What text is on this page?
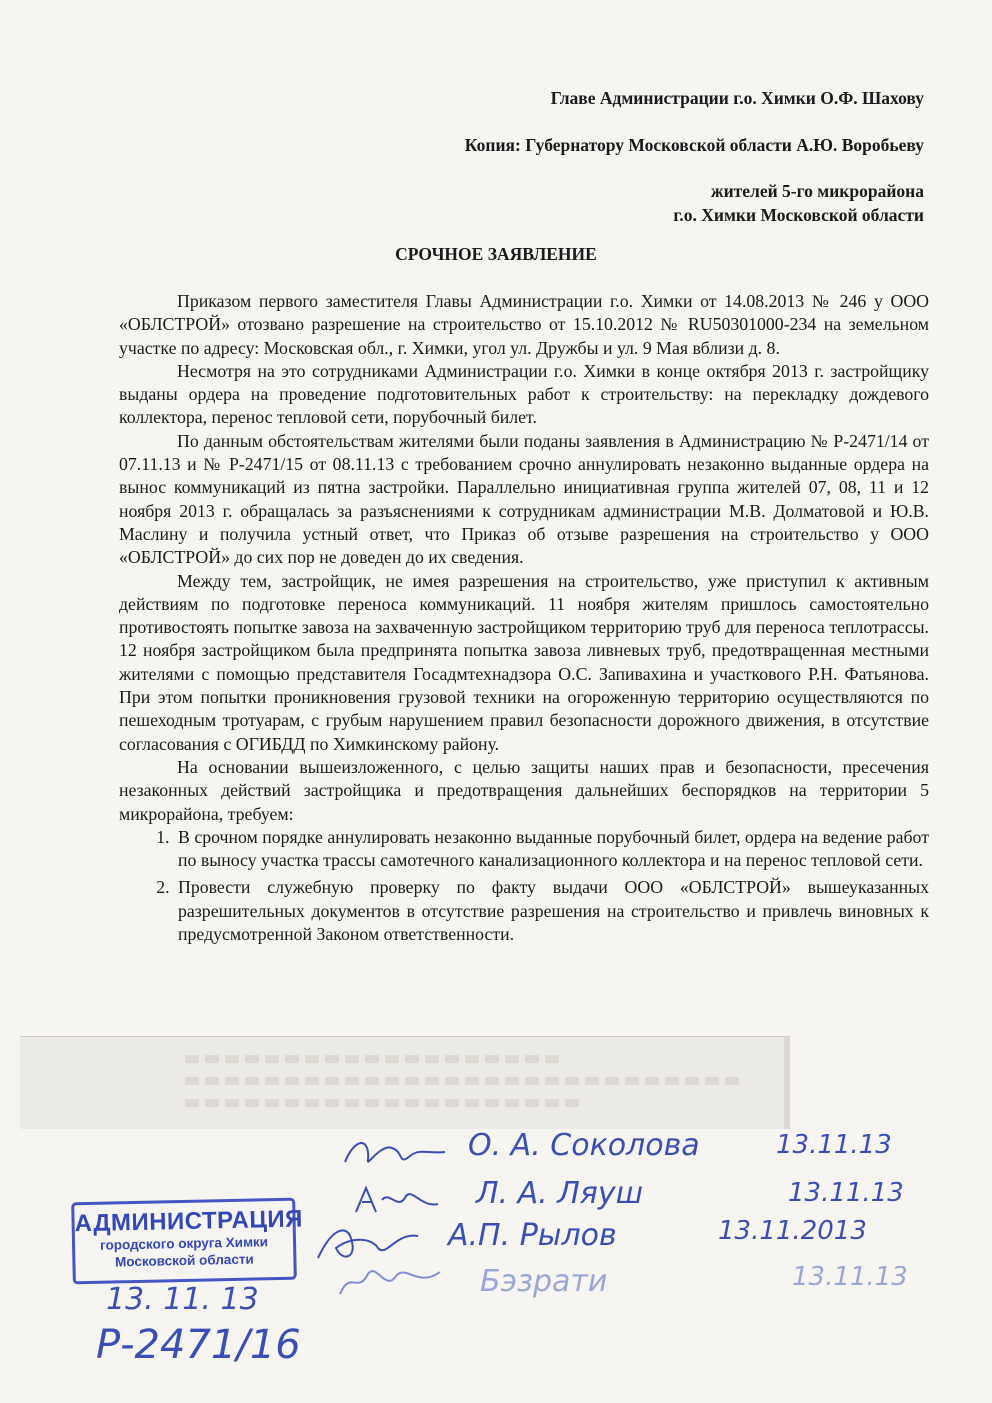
Главе Администрации г.о. Химки О.Ф. Шахову
Копия: Губернатору Московской области А.Ю. Воробьеву
жителей 5-го микрорайона
г.о. Химки Московской области
СРОЧНОЕ ЗАЯВЛЕНИЕ

Приказом первого заместителя Главы Администрации г.о. Химки от 14.08.2013 № 246 у ООО «ОБЛСТРОЙ» отозвано разрешение на строительство от 15.10.2012 № RU50301000-234 на земельном участке по адресу: Московская обл., г. Химки, угол ул. Дружбы и ул. 9 Мая вблизи д. 8.

Несмотря на это сотрудниками Администрации г.о. Химки в конце октября 2013 г. застройщику выданы ордера на проведение подготовительных работ к строительству: на перекладку дождевого коллектора, перенос тепловой сети, порубочный билет.

По данным обстоятельствам жителями были поданы заявления в Администрацию № Р-2471/14 от 07.11.13 и № Р-2471/15 от 08.11.13 с требованием срочно аннулировать незаконно выданные ордера на вынос коммуникаций из пятна застройки. Параллельно инициативная группа жителей 07, 08, 11 и 12 ноября 2013 г. обращалась за разъяснениями к сотрудникам администрации М.В. Долматовой и Ю.В. Маслину и получила устный ответ, что Приказ об отзыве разрешения на строительство у ООО «ОБЛСТРОЙ» до сих пор не доведен до их сведения.

Между тем, застройщик, не имея разрешения на строительство, уже приступил к активным действиям по подготовке переноса коммуникаций. 11 ноября жителям пришлось самостоятельно противостоять попытке завоза на захваченную застройщиком территорию труб для переноса теплотрассы. 12 ноября застройщиком была предпринята попытка завоза ливневых труб, предотвращенная местными жителями с помощью представителя Госадмтехнадзора О.С. Запивахина и участкового Р.Н. Фатьянова. При этом попытки проникновения грузовой техники на огороженную территорию осуществляются по пешеходным тротуарам, с грубым нарушением правил безопасности дорожного движения, в отсутствие согласования с ОГИБДД по Химкинскому району.

На основании вышеизложенного, с целью защиты наших прав и безопасности, пресечения незаконных действий застройщика и предотвращения дальнейших беспорядков на территории 5 микрорайона, требуем:

1. В срочном порядке аннулировать незаконно выданные порубочный билет, ордера на ведение работ по выносу участка трассы самотечного канализационного коллектора и на перенос тепловой сети.
2. Провести служебную проверку по факту выдачи ООО «ОБЛСТРОЙ» вышеуказанных разрешительных документов в отсутствие разрешения на строительство и привлечь виновных к предусмотренной Законом ответственности.
О. А. Соколова	13.11.13
Л. А. Ляуш	13.11.13
А.П. Рылов	13.11.2013
Бэзрати	13.11.13
АДМИНИСТРАЦИЯ
городского округа Химки
Московской области
13. 11. 13
Р-2471/16
